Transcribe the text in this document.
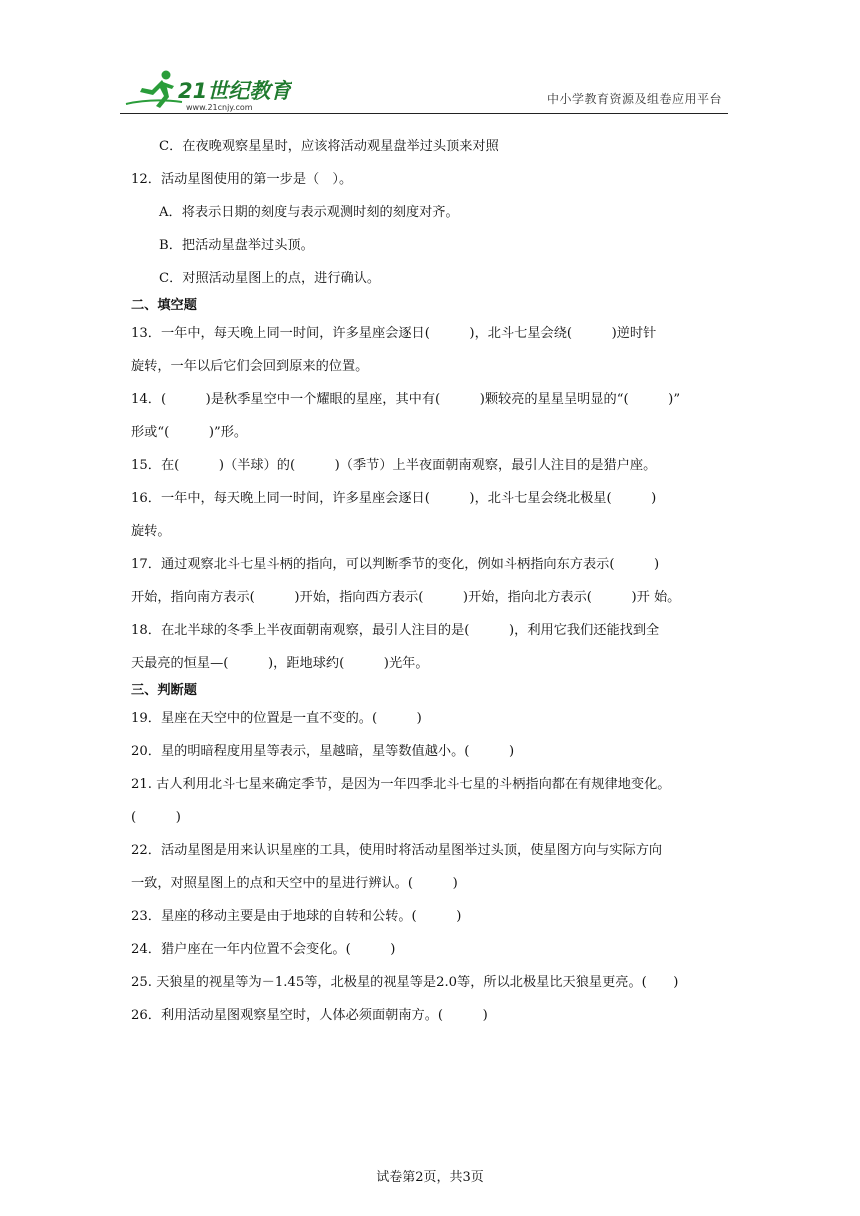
21世纪教育
www.21cnjy.com
中小学教育资源及组卷应用平台
C．在夜晚观察星星时，应该将活动观星盘举过头顶来对照
12．活动星图使用的第一步是（　）。
A．将表示日期的刻度与表示观测时刻的刻度对齐。
B．把活动星盘举过头顶。
C．对照活动星图上的点，进行确认。
二、填空题
13．一年中，每天晚上同一时间，许多星座会逐日(　　　)，北斗七星会绕(　　　)逆时针
旋转，一年以后它们会回到原来的位置。
14．(　　　)是秋季星空中一个耀眼的星座，其中有(　　　)颗较亮的星星呈明显的“(　　　)”
形或“(　　　)”形。
15．在(　　　)（半球）的(　　　)（季节）上半夜面朝南观察，最引人注目的是猎户座。
16．一年中，每天晚上同一时间，许多星座会逐日(　　　)，北斗七星会绕北极星(　　　)
旋转。
17．通过观察北斗七星斗柄的指向，可以判断季节的变化，例如斗柄指向东方表示(　　　)
开始，指向南方表示(　　　)开始，指向西方表示(　　　)开始，指向北方表示(　　　)开 始。
18．在北半球的冬季上半夜面朝南观察，最引人注目的是(　　　)，利用它我们还能找到全
天最亮的恒星—(　　　)，距地球约(　　　)光年。
三、判断题
19．星座在天空中的位置是一直不变的。(　　　)
20．星的明暗程度用星等表示，星越暗，星等数值越小。(　　　)
21. 古人利用北斗七星来确定季节，是因为一年四季北斗七星的斗柄指向都在有规律地变化。
(　　　)
22．活动星图是用来认识星座的工具，使用时将活动星图举过头顶，使星图方向与实际方向
一致，对照星图上的点和天空中的星进行辨认。(　　　)
23．星座的移动主要是由于地球的自转和公转。(　　　)
24．猎户座在一年内位置不会变化。(　　　)
25. 天狼星的视星等为－1.45等，北极星的视星等是2.0等，所以北极星比天狼星更亮。(　　)
26．利用活动星图观察星空时，人体必须面朝南方。(　　　)
试卷第2页，共3页
